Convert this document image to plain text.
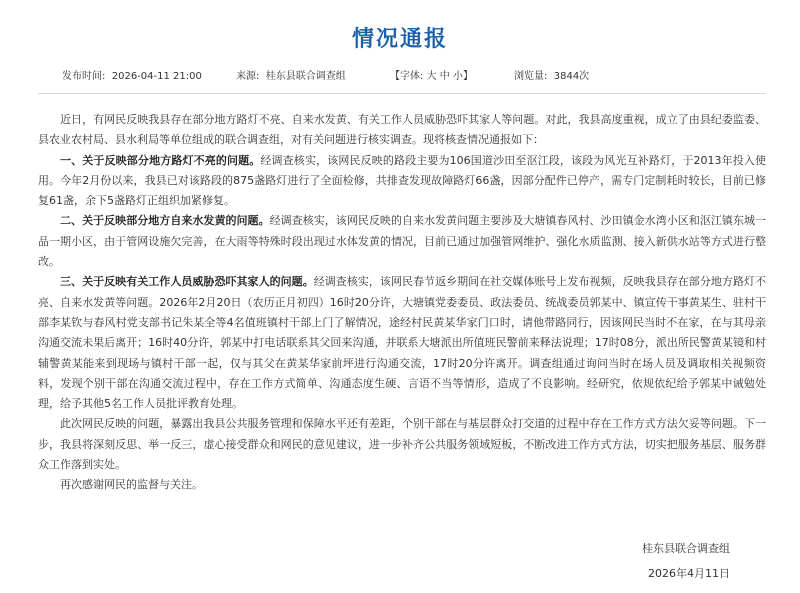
情况通报
发布时间: 2026-04-11 21:00	来源: 桂东县联合调查组	【字体: 大 中 小】	浏览量: 3844次

近日，有网民反映我县存在部分地方路灯不亮、自来水发黄、有关工作人员威胁恐吓其家人等问题。对此，我县高度重视，成立了由县纪委监委、县农业农村局、县水利局等单位组成的联合调查组，对有关问题进行核实调查。现将核查情况通报如下：

一、关于反映部分地方路灯不亮的问题。经调查核实，该网民反映的路段主要为106国道沙田至沤江段，该段为风光互补路灯，于2013年投入使用。今年2月份以来，我县已对该路段的875盏路灯进行了全面检修，共排查发现故障路灯66盏，因部分配件已停产，需专门定制耗时较长，目前已修复61盏，余下5盏路灯正组织加紧修复。

二、关于反映部分地方自来水发黄的问题。经调查核实，该网民反映的自来水发黄问题主要涉及大塘镇春风村、沙田镇金水湾小区和沤江镇东城一品一期小区，由于管网设施欠完善，在大雨等特殊时段出现过水体发黄的情况，目前已通过加强管网维护、强化水质监测、接入新供水站等方式进行整改。

三、关于反映有关工作人员威胁恐吓其家人的问题。经调查核实，该网民春节返乡期间在社交媒体账号上发布视频，反映我县存在部分地方路灯不亮、自来水发黄等问题。2026年2月20日（农历正月初四）16时20分许，大塘镇党委委员、政法委员、统战委员郭某中、镇宣传干事黄某生、驻村干部李某钦与春风村党支部书记朱某全等4名值班镇村干部上门了解情况，途经村民黄某华家门口时，请他带路同行，因该网民当时不在家，在与其母亲沟通交流未果后离开；16时40分许，郭某中打电话联系其父回来沟通，并联系大塘派出所值班民警前来释法说理；17时08分，派出所民警黄某镜和村辅警黄某能来到现场与镇村干部一起，仅与其父在黄某华家前坪进行沟通交流，17时20分许离开。调查组通过询问当时在场人员及调取相关视频资料，发现个别干部在沟通交流过程中，存在工作方式简单、沟通态度生硬、言语不当等情形，造成了不良影响。经研究，依规依纪给予郭某中诫勉处理，给予其他5名工作人员批评教育处理。

此次网民反映的问题，暴露出我县公共服务管理和保障水平还有差距，个别干部在与基层群众打交道的过程中存在工作方式方法欠妥等问题。下一步，我县将深刻反思、举一反三，虚心接受群众和网民的意见建议，进一步补齐公共服务领域短板，不断改进工作方式方法，切实把服务基层、服务群众工作落到实处。

再次感谢网民的监督与关注。

桂东县联合调查组
2026年4月11日
